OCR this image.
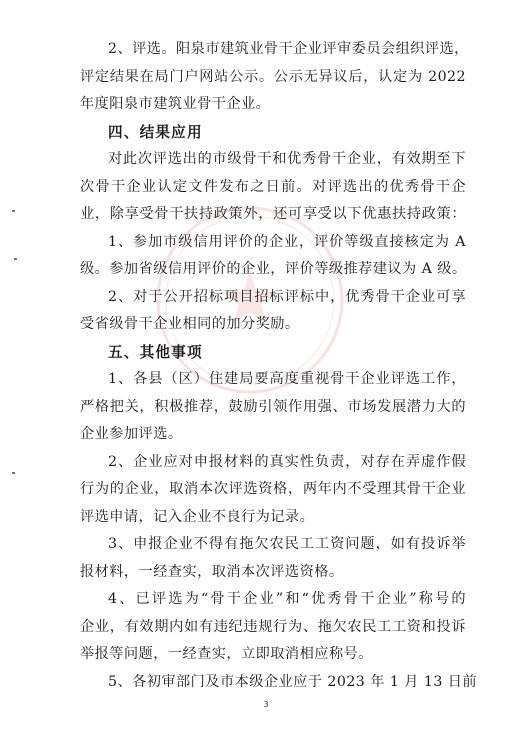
2、评选。阳泉市建筑业骨干企业评审委员会组织评选，
评定结果在局门户网站公示。公示无异议后，认定为 2022
年度阳泉市建筑业骨干企业。
四、结果应用
对此次评选出的市级骨干和优秀骨干企业，有效期至下
次骨干企业认定文件发布之日前。对评选出的优秀骨干企
业，除享受骨干扶持政策外，还可享受以下优惠扶持政策：
1、参加市级信用评价的企业，评价等级直接核定为 A
级。参加省级信用评价的企业，评价等级推荐建议为 A 级。
2、对于公开招标项目招标评标中，优秀骨干企业可享
受省级骨干企业相同的加分奖励。
五、其他事项
1、各县（区）住建局要高度重视骨干企业评选工作，
严格把关，积极推荐，鼓励引领作用强、市场发展潜力大的
企业参加评选。
2、企业应对申报材料的真实性负责，对存在弄虚作假
行为的企业，取消本次评选资格，两年内不受理其骨干企业
评选申请，记入企业不良行为记录。
3、申报企业不得有拖欠农民工工资问题，如有投诉举
报材料，一经查实，取消本次评选资格。
4、已评选为“骨干企业”和“优秀骨干企业”称号的
企业，有效期内如有违纪违规行为、拖欠农民工工资和投诉
举报等问题，一经查实，立即取消相应称号。
5、各初审部门及市本级企业应于 2023 年 1 月 13 日前
3
